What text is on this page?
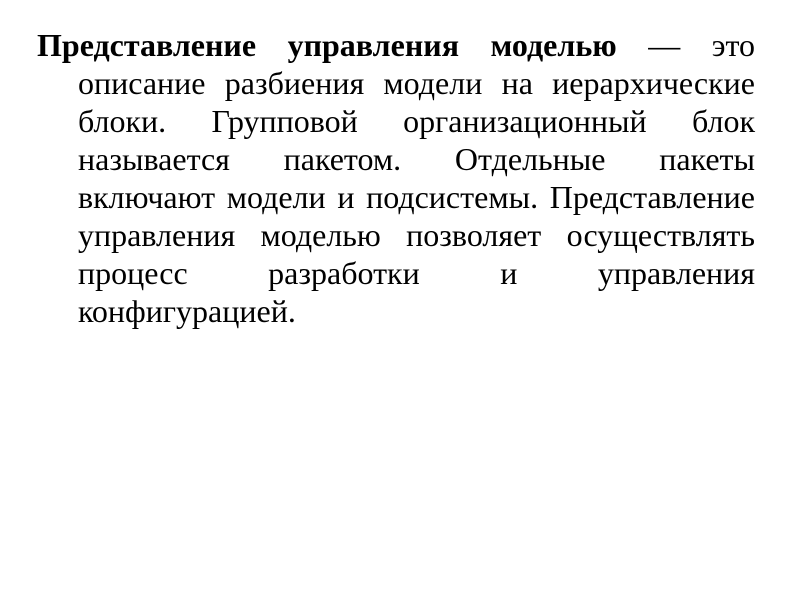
Представление управления моделью — это описание разбиения модели на иерархические блоки. Групповой организационный блок называется пакетом. Отдельные пакеты включают модели и подсистемы. Представление управления моделью позволяет осуществлять процесс разработки и управления конфигурацией.
